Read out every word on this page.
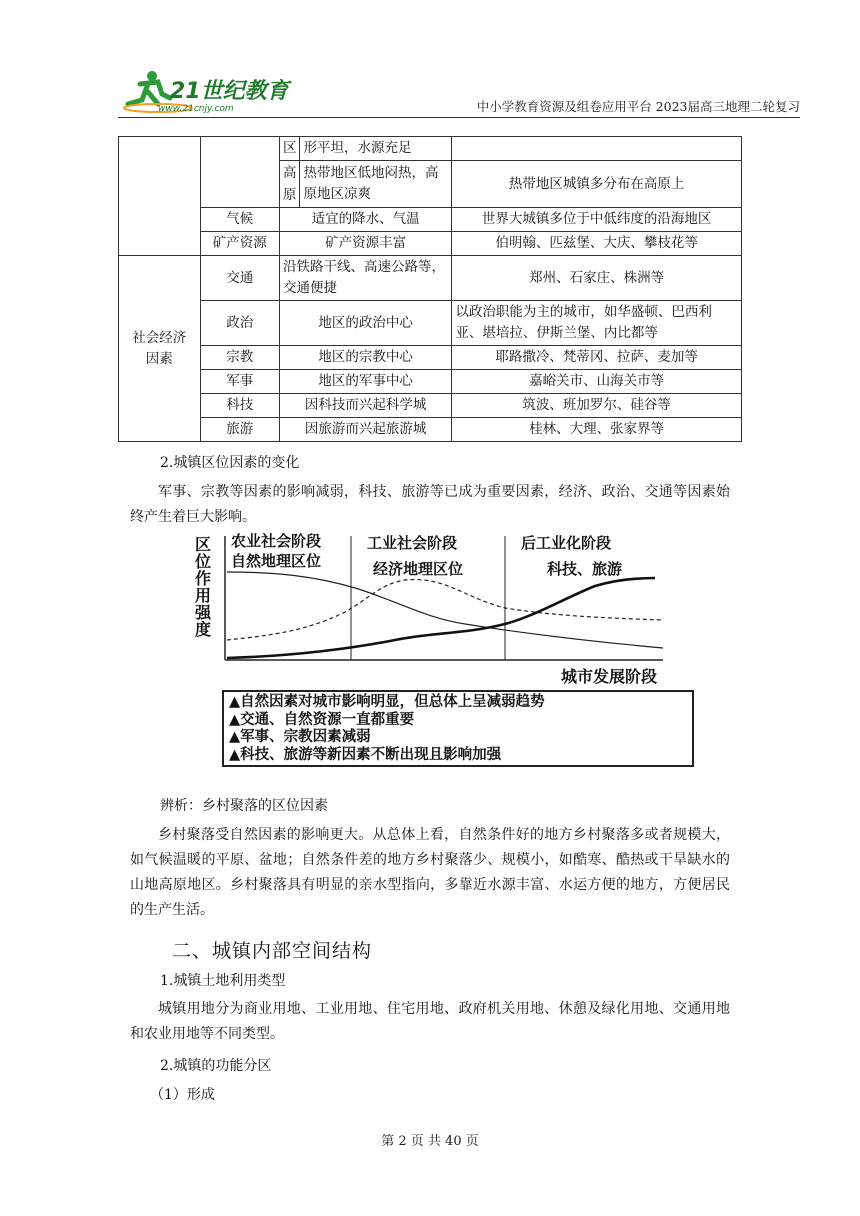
21世纪教育
www.21cnjy.com	中小学教育资源及组卷应用平台 2023届高三地理二轮复习
		区	形平坦，水源充足	
		高原	热带地区低地闷热，高原地区凉爽	热带地区城镇多分布在高原上
	气候	适宜的降水、气温		世界大城镇多位于中低纬度的沿海地区
	矿产资源	矿产资源丰富		伯明翰、匹兹堡、大庆、攀枝花等
社会经济因素	交通	沿铁路干线、高速公路等，交通便捷		郑州、石家庄、株洲等
	政治	地区的政治中心		以政治职能为主的城市，如华盛顿、巴西利亚、堪培拉、伊斯兰堡、内比都等
	宗教	地区的宗教中心		耶路撒冷、梵蒂冈、拉萨、麦加等
	军事	地区的军事中心		嘉峪关市、山海关市等
	科技	因科技而兴起科学城		筑波、班加罗尔、硅谷等
	旅游	因旅游而兴起旅游城		桂林、大理、张家界等
2.城镇区位因素的变化
军事、宗教等因素的影响减弱，科技、旅游等已成为重要因素，经济、政治、交通等因素始终产生着巨大影响。
区位作用强度
农业社会阶段
自然地理区位
工业社会阶段
经济地理区位
后工业化阶段
科技、旅游
城市发展阶段
▲自然因素对城市影响明显，但总体上呈减弱趋势
▲交通、自然资源一直都重要
▲军事、宗教因素减弱
▲科技、旅游等新因素不断出现且影响加强
辨析：乡村聚落的区位因素
乡村聚落受自然因素的影响更大。从总体上看，自然条件好的地方乡村聚落多或者规模大，如气候温暖的平原、盆地；自然条件差的地方乡村聚落少、规模小，如酷寒、酷热或干旱缺水的山地高原地区。乡村聚落具有明显的亲水型指向，多靠近水源丰富、水运方便的地方，方便居民的生产生活。
二、城镇内部空间结构
1.城镇土地利用类型
城镇用地分为商业用地、工业用地、住宅用地、政府机关用地、休憩及绿化用地、交通用地和农业用地等不同类型。
2.城镇的功能分区
（1）形成
第 2 页 共 40 页
